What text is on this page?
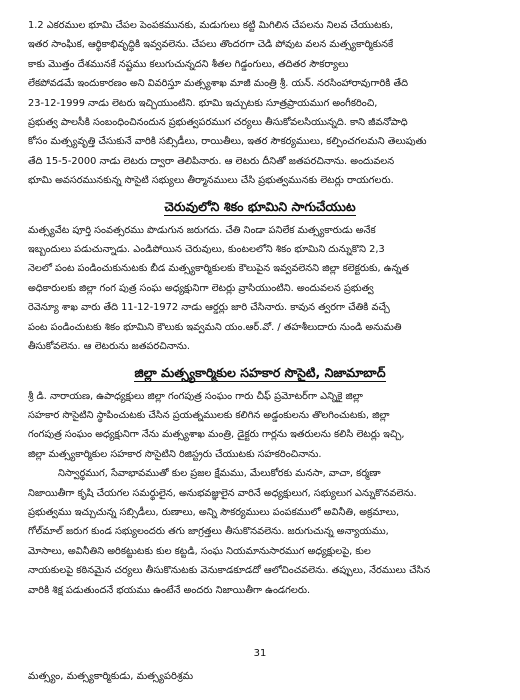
1.2 ఎకరముల భూమి చేపల పెంపకమునకు, మడుగులు కట్టి మిగిలిన చేపలను నిలవ చేయుటకు,
ఇతర సాంఘిక, ఆర్థికాభివృద్ధికి ఇవ్వవలెను. చేపలు తొందరగా చెడి పోవుట వలన మత్స్యకార్మికునకే
కాకు మొత్తం దేశమునకే నష్టము కలుగుచున్నదని శీతల గిడ్డంగులు, తదితర సౌకర్యాలు
లేకపోవడమే ఇందుకారణం అని వివరిస్తూ మత్స్యశాఖ మాజీ మంత్రి శ్రీ. యన్. నరసింహారావుగారికి తేది
23-12-1999 నాడు లెటరు ఇచ్చియుంటిని. భూమి ఇచ్చుటకు సూత్రప్రాయముగ అంగీకరించి,
ప్రభుత్వ పాలసీకి సంబంధించినందున ప్రభుత్వపరముగ చర్యలు తీసుకోవలసియున్నది. కాని జీవనోపాధి
కోసం మత్స్యవృత్తి చేసుకునే వారికి సబ్సిడీలు, రాయితీలు, ఇతర సౌకర్యములు, కల్పించగలమని తెలుపుతు
తేది 15-5-2000 నాడు లెటరు ద్వారా తెలిపినారు. ఆ లెటరు దీనితో జతపరచినాను. అందువలన
భూమి అవసరమునకున్న సొసైటి సభ్యులు తీర్మానములు చేసి ప్రభుత్వమునకు లెటర్లు రాయగలరు.

చెరువులోని శికం భూమిని సాగుచేయుట

మత్స్యవేట పూర్తి సంవత్సరము పొడుగున జరుగదు. చేతి నిండా పనిలేక మత్స్యకారుడు అనేక
ఇబ్బందులు పడుచున్నాడు. ఎండిపోయిన చెరువులు, కుంటలలోని శికం భూమిని దున్నుకొని 2,3
నెలలో పంట పండించుకునుటకు బీడ మత్స్యకార్మికులకు కౌలుపైన ఇవ్వవలెనని జిల్లా కలెక్టరుకు, ఉన్నత
అధికారులకు జిల్లా గంగ పుత్ర సంఘ అధ్యక్షునిగా లెటర్లు వ్రాసియుంటిని. అందువలన ప్రభుత్వ
రెవెన్యూ శాఖ వారు తేది 11-12-1972 నాడు ఆర్డర్లు జారి చేసినారు. కావున త్వరగా చేతికి వచ్చే
పంట పండించుటకు శికం భూమిని కౌలుకు ఇవ్వమని యం.ఆర్.వో. / తహశీలుదారు నుండి అనుమతి
తీసుకోవలెను. ఆ లెటరును జతపరచినాను.

జిల్లా మత్స్యకార్మికుల సహకార సొసైటి, నిజామాబాద్

శ్రీ డి. నారాయణ, ఉపాధ్యక్షులు జిల్లా గంగపుత్ర సంఘం గారు చీఫ్ ప్రమోటర్‌గా ఎన్నికై జిల్లా
సహకార సొసైటిని స్థాపించుటకు చేసిన ప్రయత్నములకు కలిగిన అడ్డంకులను తొలగించుటకు, జిల్లా
గంగపుత్ర సంఘం అధ్యక్షునిగా నేను మత్స్యశాఖ మంత్రి, డైక్టరు గార్లను ఇతరులను కలిసి లెటర్లు ఇచ్చి,
జిల్లా మత్స్యకార్మికుల సహకార సొసైటిని రిజిస్ట్రరు చేయుటకు సహకరించినాను.

నిస్వార్థముగ, సేవాభావముతో కుల ప్రజల క్షేమము, మేలుకోరకు మనసా, వాచా, కర్మణా
నిజాయితీగా కృషి చేయగల సమర్థులైన, అనుభవజ్ఞులైన వారినే అధ్యక్షులుగ, సభ్యులుగ ఎన్నుకొనవలెను.
ప్రభుత్వము ఇచ్చుచున్న సబ్సిడీలు, రుణాలు, అన్ని సౌకర్యములు పంపకములో అవినీతి, అక్రమాలు,
గోల్‌మాల్ జరుగ కుండ సభ్యులందరు తగు జాగ్రత్తలు తీసుకొనవలెను. జరుగుచున్న అన్యాయము,
మోసాలు, అవినీతిని అరికట్టుటకు కుల కట్టడి, సంఘ నియమానుసారముగ అధ్యక్షులపై, కుల
నాయకులపై కఠినమైన చర్యలు తీసుకొనుటకు వెనుకాడకూడదో ఆలోచించవలెను. తప్పులు, నేరములు చేసిన
వారికి శిక్ష పడుతుందనే భయము ఉంటేనే అందరు నిజాయితీగా ఉండగలరు.

31
మత్స్యం, మత్స్యకార్మికుడు, మత్స్యపరిశ్రమ
